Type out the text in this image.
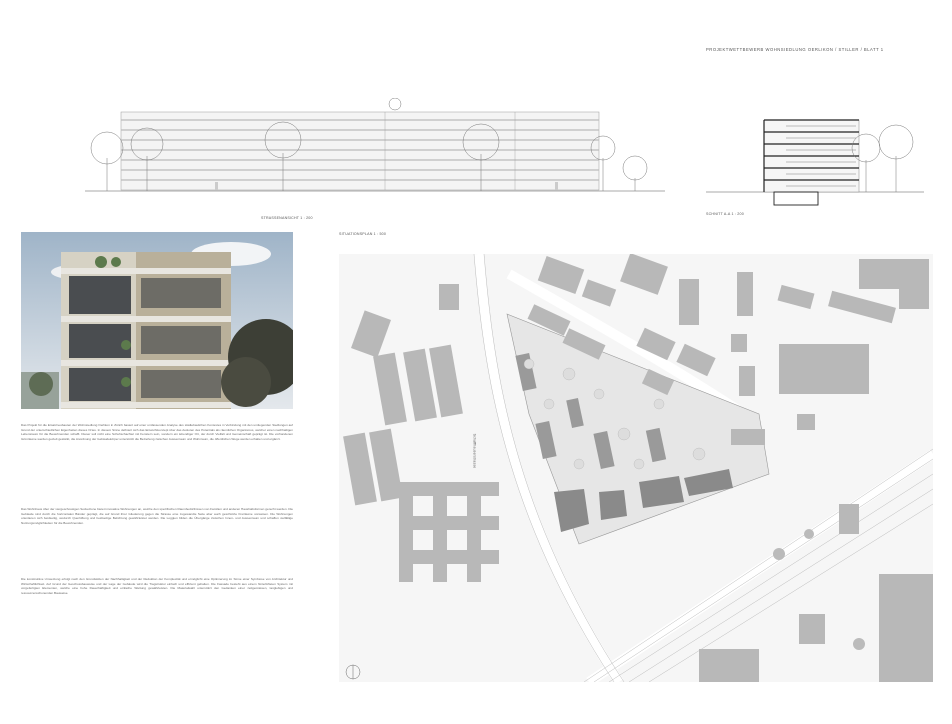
PROJEKTWETTBEWERB WOHNSIEDLUNG OERLIKON / STILLER / BLATT 1
STRASSENANSICHT 1 : 200
SCHNITT A-A 1 : 200
Das Projekt für die Ersatzneubauten der Wohnsiedlung Oerlikon in Zürich basiert auf einer umfassenden Analyse des städtebaulichen Kontextes in Verbindung mit den umliegenden Siedlungen auf Grund der unterschiedlichen Eigenheiten dieses Ortes. In diesem Sinne definiert sich das Entwurfskonzept über das Ausloten des Potentials als räumlichen Organismus, welcher einen nachhaltigen Lebensraum für die Bewohnenden schafft. Dieser soll nicht eine Schuhschachtel mit Fenstern sein, sondern ein lebendiger Ort, der durch Vielfalt und Gemeinschaft geprägt ist. Die vorhandenen Grünräume werden gezielt gestärkt, die Anordnung der Gebäudekörper unterstützt die Beziehung zwischen Aussenraum und Wohnraum, die öffentlichen Wege werden erhalten und ergänzt.
Das Wohnhaus über der viergeschossigen Sockelzone bietet innovative Wohnungen an, welche den spezifischen Raumbedürfnissen von Familien und anderen Haushaltsformen gerecht werden. Die Gebäude sind durch die horizontalen Bänder geprägt, die auf Grund ihrer Gliederung gegen die Strasse eine zugewandte Seite aber auch geschützte Freiräume vorweisen. Die Wohnungen orientieren sich beidseitig, wodurch Querlüftung und beidseitige Belichtung gewährleistet werden. Die Loggien bilden die Übergänge zwischen Innen- und Aussenraum und schaffen vielfältige Nutzungsmöglichkeiten für die Bewohnenden.
Die konstruktive Umsetzung erfolgt nach den Grundsätzen der Nachhaltigkeit und der Reduktion der Komplexität und ermöglicht eine Optimierung im Sinne einer Symbiose von Architektur und Wirtschaftlichkeit. Auf Grund der Geschossbauweise und der Lage der Gebäude wird die Tragstruktur einfach und effizient gehalten. Die Fassade besteht aus einem hinterlüfteten System mit vorgefertigten Elementen, welche eine hohe Dauerhaftigkeit und einfache Wartung gewährleisten. Die Materialwahl unterstützt den Gedanken einer zeitgemässen, langlebigen und ressourcenschonenden Bauweise.
SITUATIONSPLAN 1 : 500
Schaffhauserstrasse
